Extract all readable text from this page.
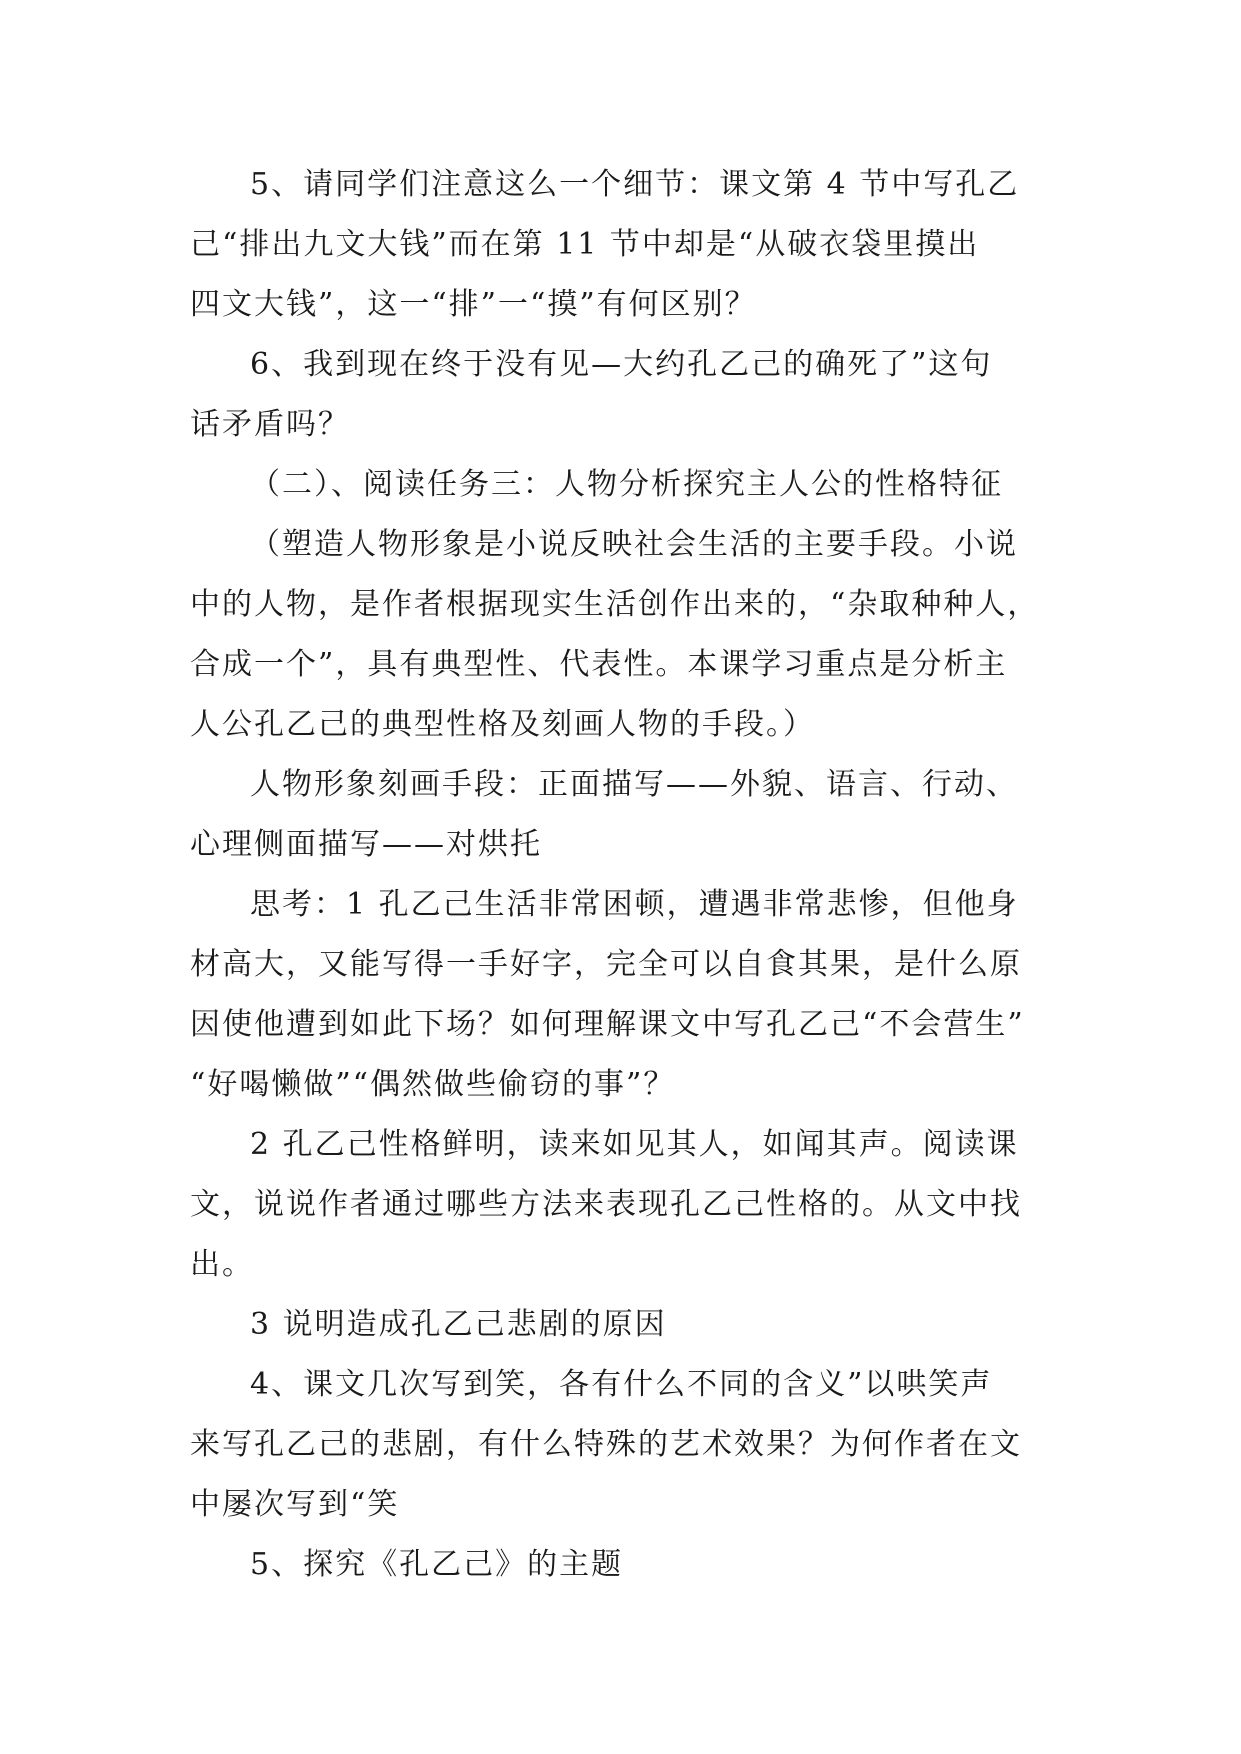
5、请同学们注意这么一个细节：课文第 4 节中写孔乙
己“排出九文大钱”而在第 11 节中却是“从破衣袋里摸出
四文大钱”，这一“排”一“摸”有何区别？
6、我到现在终于没有见—大约孔乙己的确死了”这句
话矛盾吗？
（二）、阅读任务三：人物分析探究主人公的性格特征
（塑造人物形象是小说反映社会生活的主要手段。小说
中的人物，是作者根据现实生活创作出来的，“杂取种种人，
合成一个”，具有典型性、代表性。本课学习重点是分析主
人公孔乙己的典型性格及刻画人物的手段。）
人物形象刻画手段：正面描写——外貌、语言、行动、
心理侧面描写——对烘托
思考：1 孔乙己生活非常困顿，遭遇非常悲惨，但他身
材高大，又能写得一手好字，完全可以自食其果，是什么原
因使他遭到如此下场？如何理解课文中写孔乙己“不会营生”
“好喝懒做”“偶然做些偷窃的事”？
2 孔乙己性格鲜明，读来如见其人，如闻其声。阅读课
文，说说作者通过哪些方法来表现孔乙己性格的。从文中找
出。
3 说明造成孔乙己悲剧的原因
4、课文几次写到笑，各有什么不同的含义”以哄笑声
来写孔乙己的悲剧，有什么特殊的艺术效果？为何作者在文
中屡次写到“笑
5、探究《孔乙己》的主题
